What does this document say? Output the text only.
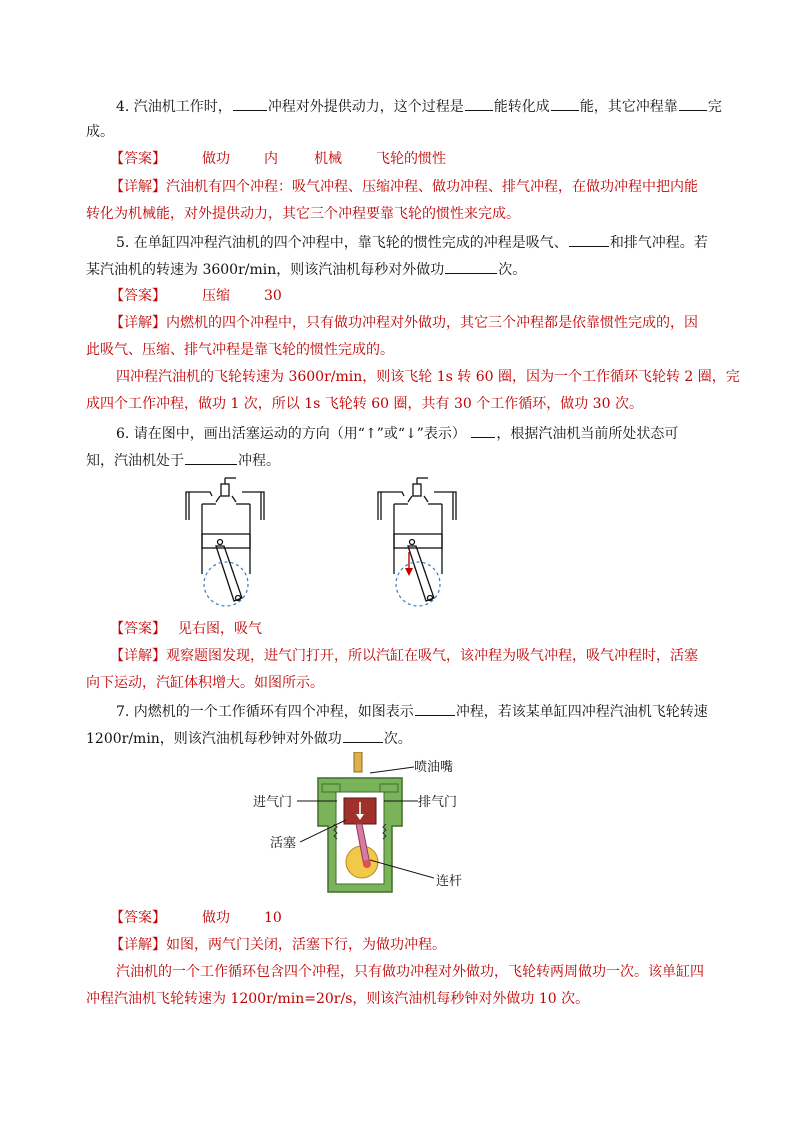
4. 汽油机工作时，	冲程对外提供动力，这个过程是 能转化成 能，其它冲程靠 完
成。
【答案】	做功 内	机械 飞轮的惯性
【详解】汽油机有四个冲程：吸气冲程、压缩冲程、做功冲程、排气冲程，在做功冲程中把内能
转化为机械能，对外提供动力，其它三个冲程要靠飞轮的惯性来完成。
5. 在单缸四冲程汽油机的四个冲程中，靠飞轮的惯性完成的冲程是吸气、	和排气冲程。若
某汽油机的转速为 3600r/min，则该汽油机每秒对外做功	次。
【答案】	压缩 30
【详解】内燃机的四个冲程中，只有做功冲程对外做功，其它三个冲程都是依靠惯性完成的，因
此吸气、压缩、排气冲程是靠飞轮的惯性完成的。
四冲程汽油机的飞轮转速为 3600r/min，则该飞轮 1s 转 60 圈，因为一个工作循环飞轮转 2 圈，完
成四个工作冲程，做功 1 次，所以 1s 飞轮转 60 圈，共有 30 个工作循环，做功 30 次。
6. 请在图中，画出活塞运动的方向（用“↑”或“↓”表示） ，根据汽油机当前所处状态可
知，汽油机处于	冲程。
【答案】 见右图，吸气
【详解】观察题图发现，进气门打开，所以汽缸在吸气，该冲程为吸气冲程，吸气冲程时，活塞
向下运动，汽缸体积增大。如图所示。
7. 内燃机的一个工作循环有四个冲程，如图表示	冲程，若该某单缸四冲程汽油机飞轮转速
1200r/min，则该汽油机每秒钟对外做功	次。
喷油嘴
进气门	排气门
活塞
连杆
【答案】	做功 10
【详解】如图，两气门关闭，活塞下行，为做功冲程。
汽油机的一个工作循环包含四个冲程，只有做功冲程对外做功，飞轮转两周做功一次。该单缸四
冲程汽油机飞轮转速为 1200r/min=20r/s，则该汽油机每秒钟对外做功 10 次。
